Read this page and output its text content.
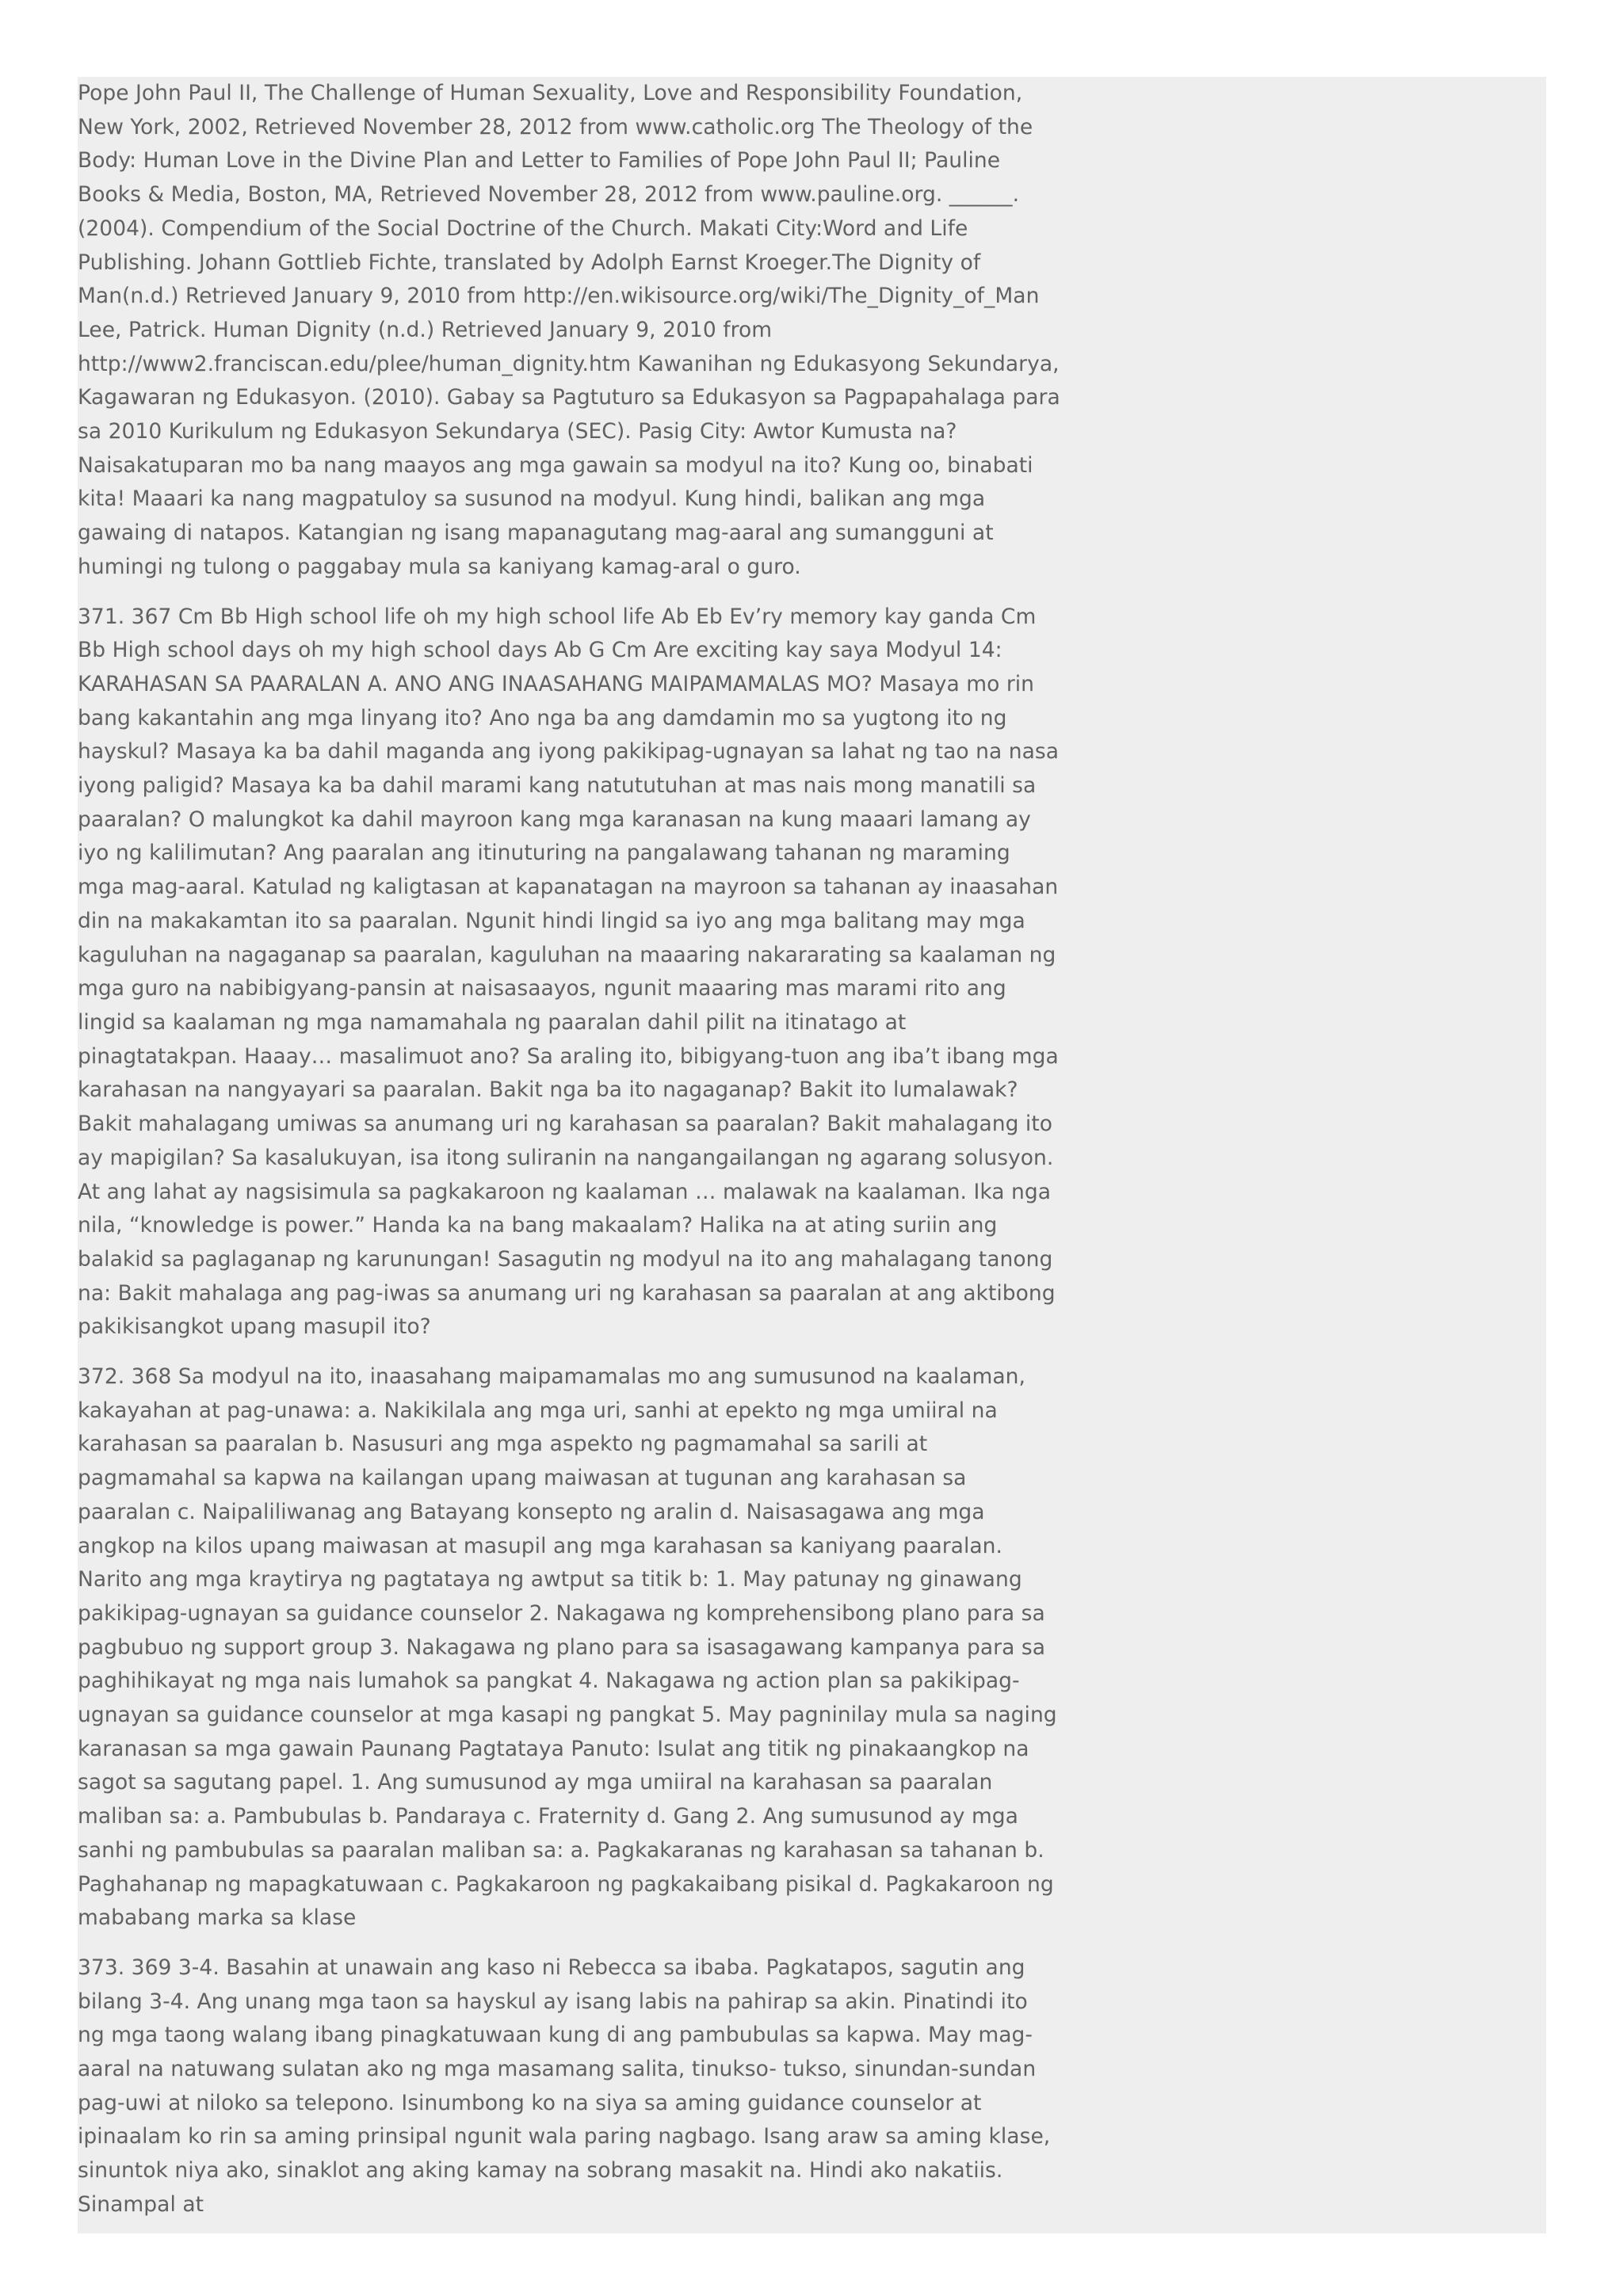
Pope John Paul II, The Challenge of Human Sexuality, Love and Responsibility Foundation, New York, 2002, Retrieved November 28, 2012 from www.catholic.org The Theology of the Body: Human Love in the Divine Plan and Letter to Families of Pope John Paul II; Pauline Books & Media, Boston, MA, Retrieved November 28, 2012 from www.pauline.org. ______. (2004). Compendium of the Social Doctrine of the Church. Makati City:Word and Life Publishing. Johann Gottlieb Fichte, translated by Adolph Earnst Kroeger.The Dignity of Man(n.d.) Retrieved January 9, 2010 from http://en.wikisource.org/wiki/The_Dignity_of_Man Lee, Patrick. Human Dignity (n.d.) Retrieved January 9, 2010 from http://www2.franciscan.edu/plee/human_dignity.htm Kawanihan ng Edukasyong Sekundarya, Kagawaran ng Edukasyon. (2010). Gabay sa Pagtuturo sa Edukasyon sa Pagpapahalaga para sa 2010 Kurikulum ng Edukasyon Sekundarya (SEC). Pasig City: Awtor Kumusta na? Naisakatuparan mo ba nang maayos ang mga gawain sa modyul na ito? Kung oo, binabati kita! Maaari ka nang magpatuloy sa susunod na modyul. Kung hindi, balikan ang mga gawaing di natapos. Katangian ng isang mapanagutang mag-aaral ang sumangguni at humingi ng tulong o paggabay mula sa kaniyang kamag-aral o guro.

371. 367 Cm Bb High school life oh my high school life Ab Eb Ev’ry memory kay ganda Cm Bb High school days oh my high school days Ab G Cm Are exciting kay saya Modyul 14: KARAHASAN SA PAARALAN A. ANO ANG INAASAHANG MAIPAMAMALAS MO? Masaya mo rin bang kakantahin ang mga linyang ito? Ano nga ba ang damdamin mo sa yugtong ito ng hayskul? Masaya ka ba dahil maganda ang iyong pakikipag-ugnayan sa lahat ng tao na nasa iyong paligid? Masaya ka ba dahil marami kang natututuhan at mas nais mong manatili sa paaralan? O malungkot ka dahil mayroon kang mga karanasan na kung maaari lamang ay iyo ng kalilimutan? Ang paaralan ang itinuturing na pangalawang tahanan ng maraming mga mag-aaral. Katulad ng kaligtasan at kapanatagan na mayroon sa tahanan ay inaasahan din na makakamtan ito sa paaralan. Ngunit hindi lingid sa iyo ang mga balitang may mga kaguluhan na nagaganap sa paaralan, kaguluhan na maaaring nakararating sa kaalaman ng mga guro na nabibigyang-pansin at naisasaayos, ngunit maaaring mas marami rito ang lingid sa kaalaman ng mga namamahala ng paaralan dahil pilit na itinatago at pinagtatakpan. Haaay… masalimuot ano? Sa araling ito, bibigyang-tuon ang iba’t ibang mga karahasan na nangyayari sa paaralan. Bakit nga ba ito nagaganap? Bakit ito lumalawak? Bakit mahalagang umiwas sa anumang uri ng karahasan sa paaralan? Bakit mahalagang ito ay mapigilan? Sa kasalukuyan, isa itong suliranin na nangangailangan ng agarang solusyon. At ang lahat ay nagsisimula sa pagkakaroon ng kaalaman … malawak na kaalaman. Ika nga nila, “knowledge is power.” Handa ka na bang makaalam? Halika na at ating suriin ang balakid sa paglaganap ng karunungan! Sasagutin ng modyul na ito ang mahalagang tanong na: Bakit mahalaga ang pag-iwas sa anumang uri ng karahasan sa paaralan at ang aktibong pakikisangkot upang masupil ito?

372. 368 Sa modyul na ito, inaasahang maipamamalas mo ang sumusunod na kaalaman, kakayahan at pag-unawa: a. Nakikilala ang mga uri, sanhi at epekto ng mga umiiral na karahasan sa paaralan b. Nasusuri ang mga aspekto ng pagmamahal sa sarili at pagmamahal sa kapwa na kailangan upang maiwasan at tugunan ang karahasan sa paaralan c. Naipaliliwanag ang Batayang konsepto ng aralin d. Naisasagawa ang mga angkop na kilos upang maiwasan at masupil ang mga karahasan sa kaniyang paaralan. Narito ang mga kraytirya ng pagtataya ng awtput sa titik b: 1. May patunay ng ginawang pakikipag-ugnayan sa guidance counselor 2. Nakagawa ng komprehensibong plano para sa pagbubuo ng support group 3. Nakagawa ng plano para sa isasagawang kampanya para sa paghihikayat ng mga nais lumahok sa pangkat 4. Nakagawa ng action plan sa pakikipag-ugnayan sa guidance counselor at mga kasapi ng pangkat 5. May pagninilay mula sa naging karanasan sa mga gawain Paunang Pagtataya Panuto: Isulat ang titik ng pinakaangkop na sagot sa sagutang papel. 1. Ang sumusunod ay mga umiiral na karahasan sa paaralan maliban sa: a. Pambubulas b. Pandaraya c. Fraternity d. Gang 2. Ang sumusunod ay mga sanhi ng pambubulas sa paaralan maliban sa: a. Pagkakaranas ng karahasan sa tahanan b. Paghahanap ng mapagkatuwaan c. Pagkakaroon ng pagkakaibang pisikal d. Pagkakaroon ng mababang marka sa klase

373. 369 3-4. Basahin at unawain ang kaso ni Rebecca sa ibaba. Pagkatapos, sagutin ang bilang 3-4. Ang unang mga taon sa hayskul ay isang labis na pahirap sa akin. Pinatindi ito ng mga taong walang ibang pinagkatuwaan kung di ang pambubulas sa kapwa. May mag-aaral na natuwang sulatan ako ng mga masamang salita, tinukso- tukso, sinundan-sundan pag-uwi at niloko sa telepono. Isinumbong ko na siya sa aming guidance counselor at ipinaalam ko rin sa aming prinsipal ngunit wala paring nagbago. Isang araw sa aming klase, sinuntok niya ako, sinaklot ang aking kamay na sobrang masakit na. Hindi ako nakatiis. Sinampal at
